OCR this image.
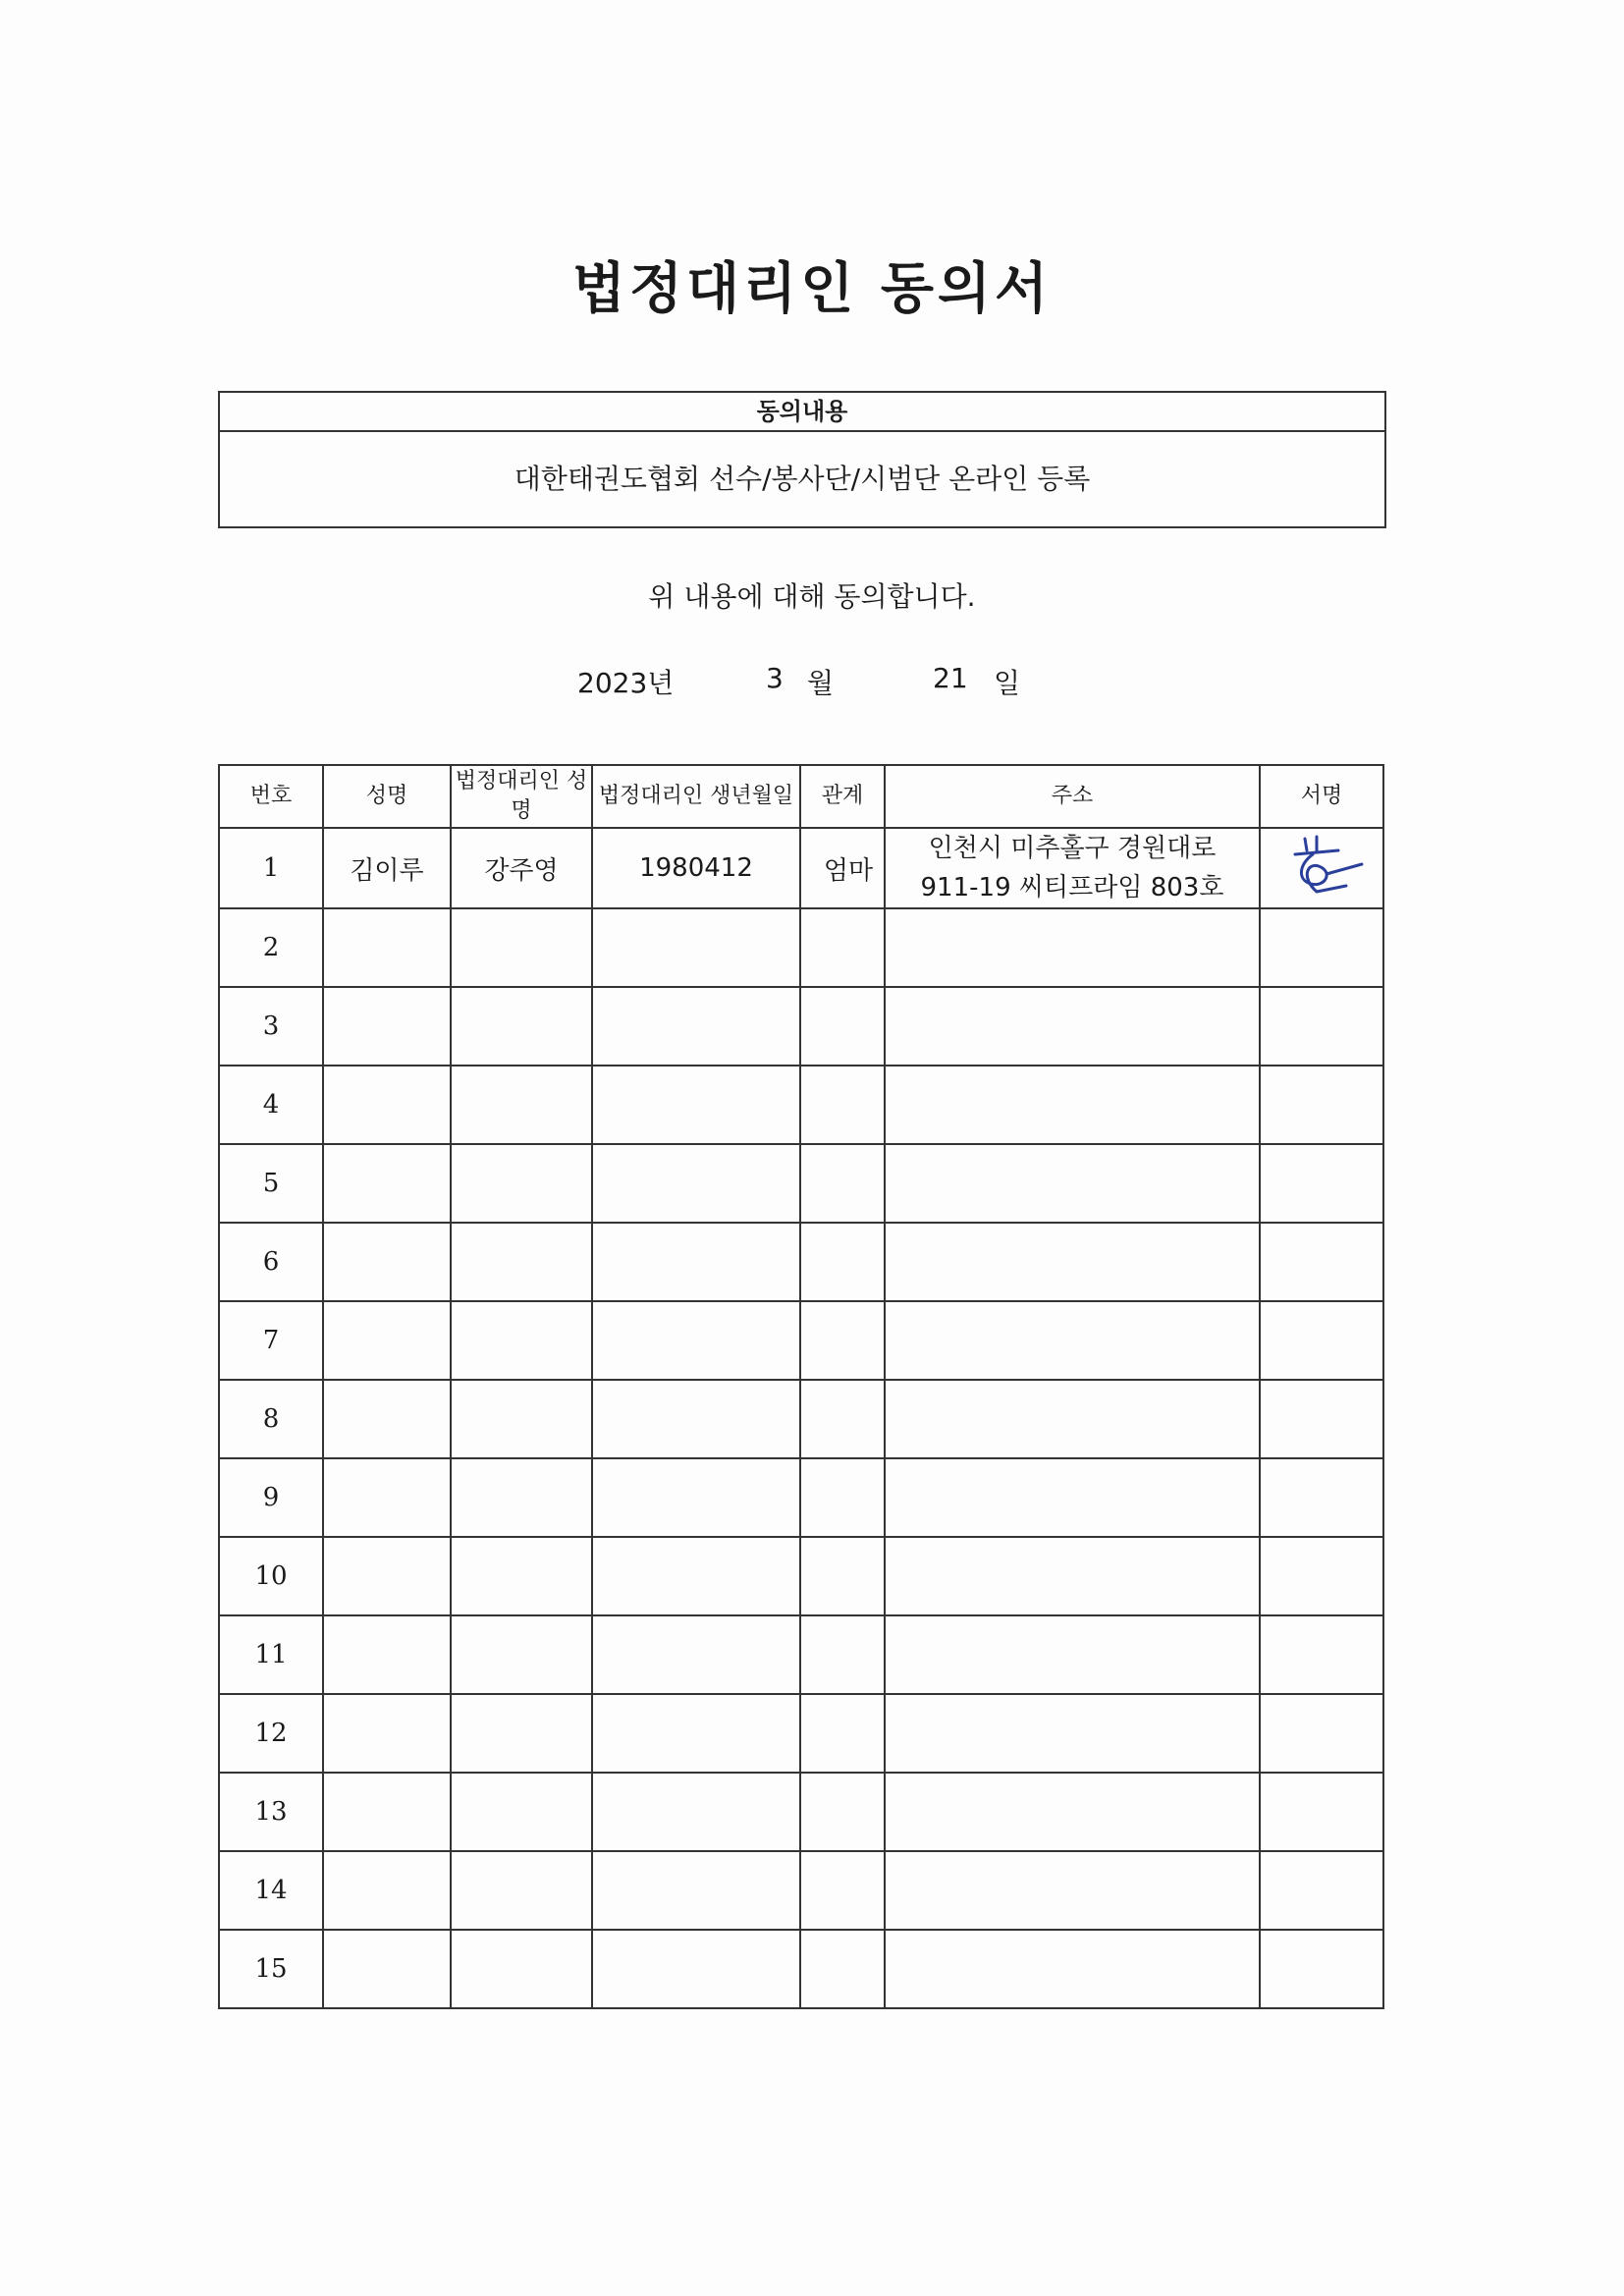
법정대리인 동의서
동의내용
대한태권도협회 선수/봉사단/시범단 온라인 등록
위 내용에 대해 동의합니다.
2023년	3 월	21 일
번호	성명	법정대리인 성명	법정대리인 생년월일	관계	주소	서명
1	김이루	강주영	1980412	엄마	인천시 미추홀구 경원대로
911-19 씨티프라임 803호

2						
3						
4						
5						
6						
7						
8						
9						
10						
11						
12						
13						
14						
15						
